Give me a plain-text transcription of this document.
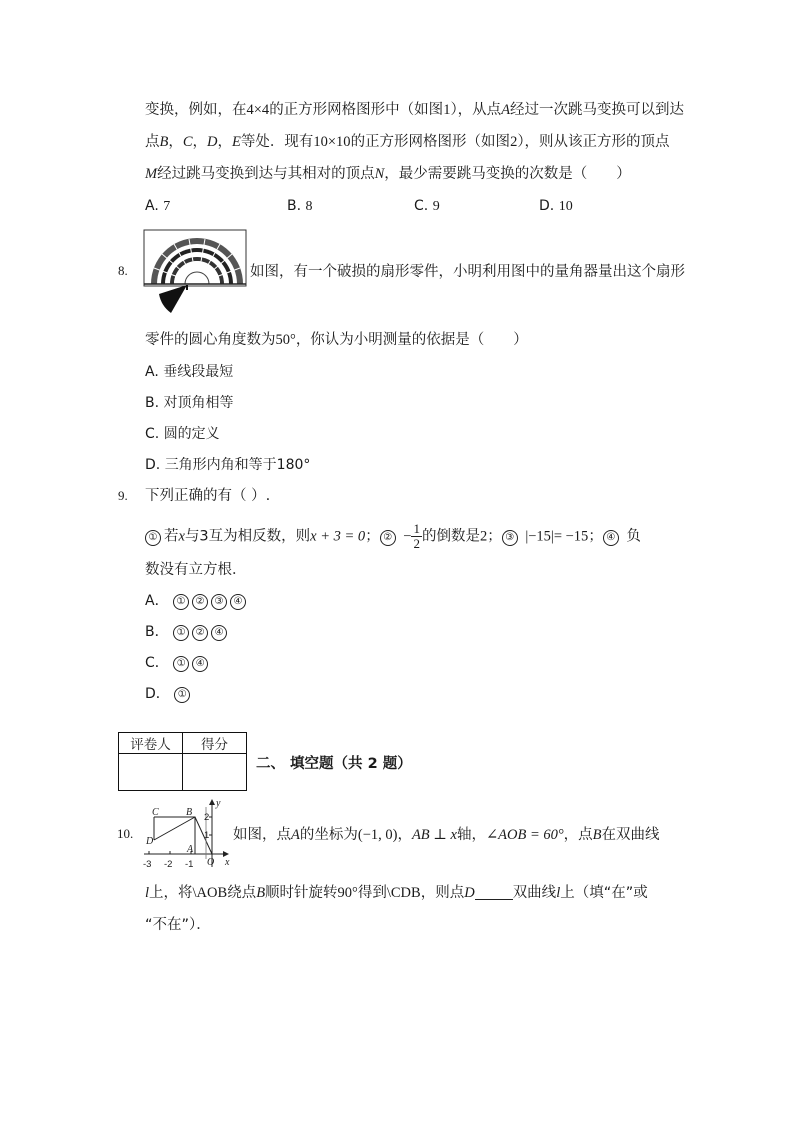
变换，例如，在4×4的正方形网格图形中（如图1），从点A经过一次跳马变换可以到达
点B，C，D，E等处．现有10×10的正方形网格图形（如图2），则从该正方形的顶点
M经过跳马变换到达与其相对的顶点N，最少需要跳马变换的次数是（　　）
A. 7	B. 8	C. 9	D. 10
8.	如图，有一个破损的扇形零件，小明利用图中的量角器量出这个扇形
零件的圆心角度数为50°，你认为小明测量的依据是（　　）
A. 垂线段最短
B. 对顶角相等
C. 圆的定义
D. 三角形内角和等于180°
9. 下列正确的有（ ）.
① 若x与3互为相反数，则x + 3 = 0； ② − $\frac{1}{2}$ 的倒数是2； ③ |−15|= −15； ④ 负
数没有立方根．
A． ① ② ③ ④
B． ① ② ④
C． ① ④
D． ①
评卷人	得分

二、 填空题（共 2 题）
10.
C	B
D
A
O x
y
-3 -2 -1
2
1 如图，点A的坐标为(−1, 0)，AB ⊥ x轴，∠AOB = 60°，点B在双曲线
l上，将\AOB绕点B顺时针旋转90°得到\CDB，则点D	双曲线l上（填“在”或
“不在”）．
